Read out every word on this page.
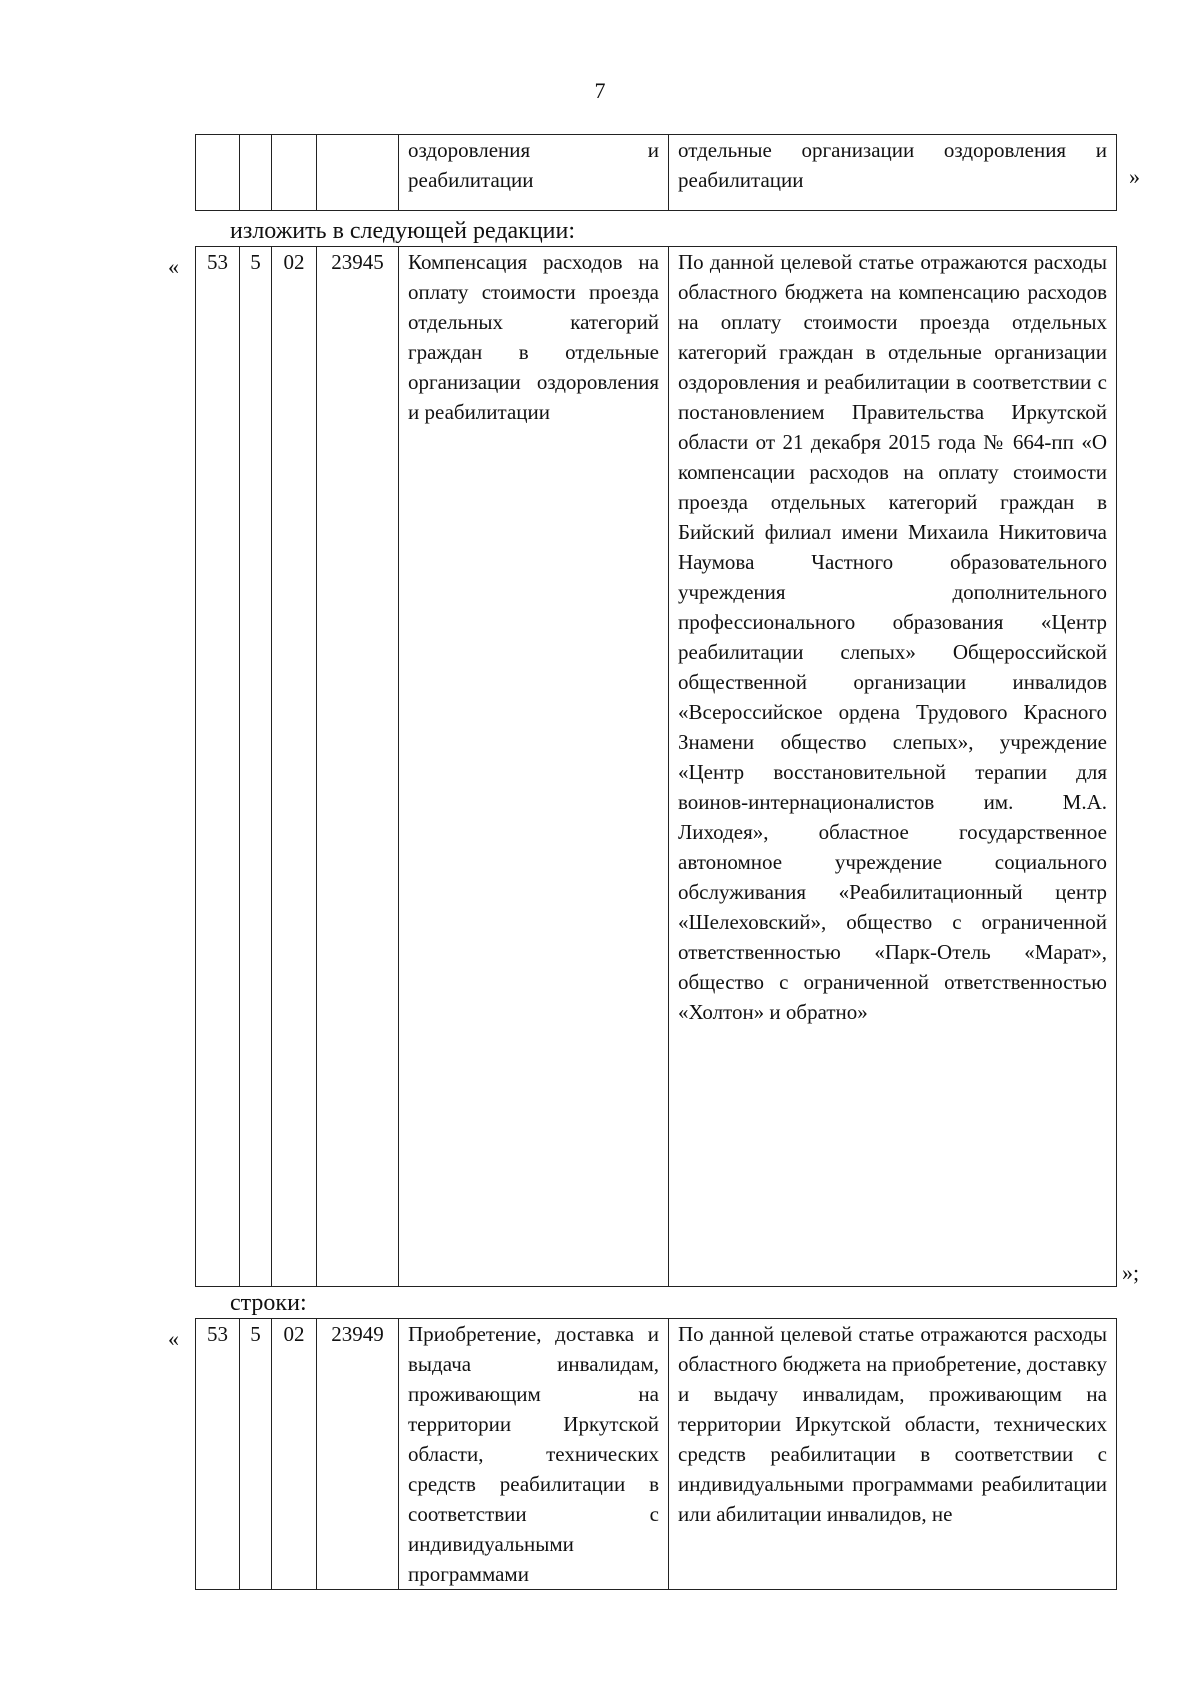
7
				оздоровления и реабилитации	отдельные организации оздоровления и реабилитации	»
изложить в следующей редакции:
« 53	5	02	23945	Компенсация расходов на оплату стоимости проезда отдельных категорий граждан в отдельные организации оздоровления и реабилитации	По данной целевой статье отражаются расходы областного бюджета на компенсацию расходов на оплату стоимости проезда отдельных категорий граждан в отдельные организации оздоровления и реабилитации в соответствии с постановлением Правительства Иркутской области от 21 декабря 2015 года № 664-пп «О компенсации расходов на оплату стоимости проезда отдельных категорий граждан в Бийский филиал имени Михаила Никитовича Наумова Частного образовательного учреждения дополнительного профессионального образования «Центр реабилитации слепых» Общероссийской общественной организации инвалидов «Всероссийское ордена Трудового Красного Знамени общество слепых», учреждение «Центр восстановительной терапии для воинов-интернационалистов им. М.А. Лиходея», областное государственное автономное учреждение социального обслуживания «Реабилитационный центр «Шелеховский», общество с ограниченной ответственностью «Парк-Отель «Марат», общество с ограниченной ответственностью «Холтон» и обратно»
»;
строки:
« 53	5	02	23949	Приобретение, доставка и выдача инвалидам, проживающим на территории Иркутской области, технических средств реабилитации в соответствии с индивидуальными программами	По данной целевой статье отражаются расходы областного бюджета на приобретение, доставку и выдачу инвалидам, проживающим на территории Иркутской области, технических средств реабилитации в соответствии с индивидуальными программами реабилитации или абилитации инвалидов, не
